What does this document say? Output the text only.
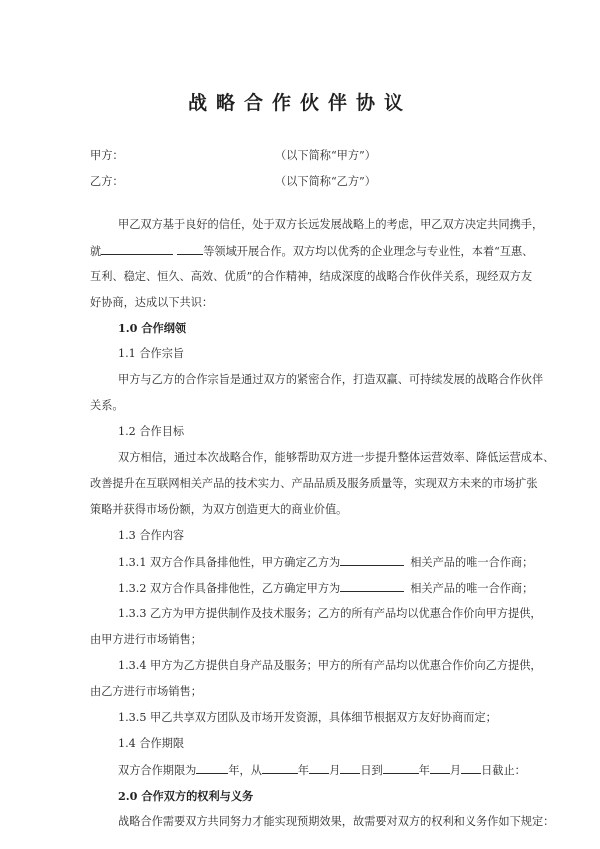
战略合作伙伴协议
甲方：	（以下简称“甲方”）
乙方：	（以下简称“乙方”）
甲乙双方基于良好的信任，处于双方长远发展战略上的考虑，甲乙双方决定共同携手，
就	等领域开展合作。双方均以优秀的企业理念与专业性，本着“互惠、
互利、稳定、恒久、高效、优质”的合作精神，结成深度的战略合作伙伴关系，现经双方友
好协商，达成以下共识：
1.0 合作纲领
1.1 合作宗旨
甲方与乙方的合作宗旨是通过双方的紧密合作，打造双赢、可持续发展的战略合作伙伴
关系。
1.2 合作目标
双方相信，通过本次战略合作，能够帮助双方进一步提升整体运营效率、降低运营成本、
改善提升在互联网相关产品的技术实力、产品品质及服务质量等，实现双方未来的市场扩张
策略并获得市场份额，为双方创造更大的商业价值。
1.3 合作内容
1.3.1 双方合作具备排他性，甲方确定乙方为	相关产品的唯一合作商；
1.3.2 双方合作具备排他性，乙方确定甲方为	相关产品的唯一合作商；
1.3.3 乙方为甲方提供制作及技术服务；乙方的所有产品均以优惠合作价向甲方提供，
由甲方进行市场销售；
1.3.4 甲方为乙方提供自身产品及服务；甲方的所有产品均以优惠合作价向乙方提供，
由乙方进行市场销售；
1.3.5 甲乙共享双方团队及市场开发资源，具体细节根据双方友好协商而定；
1.4 合作期限
双方合作期限为	年，从	年 月 日到	年 月 日截止：
2.0 合作双方的权利与义务
战略合作需要双方共同努力才能实现预期效果，故需要对双方的权利和义务作如下规定：
